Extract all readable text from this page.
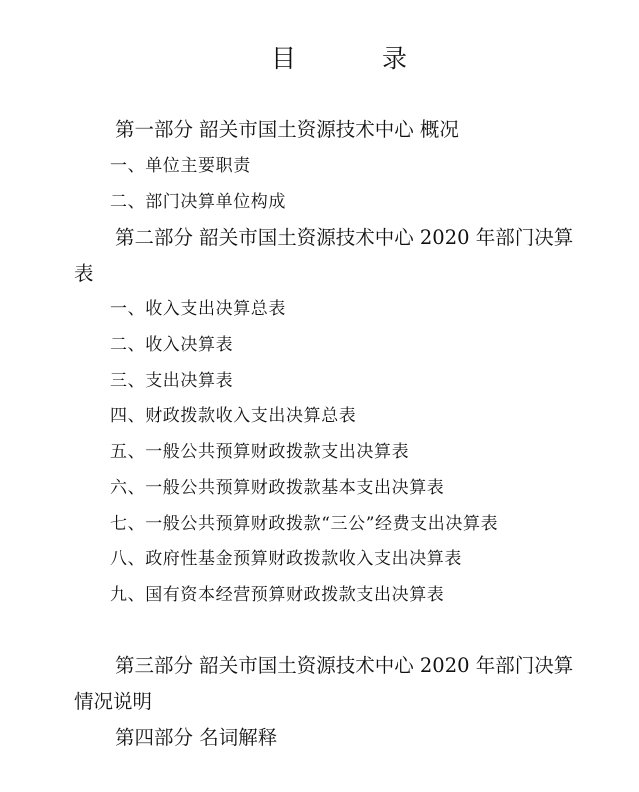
目	录

第一部分 韶关市国土资源技术中心 概况

一、单位主要职责

二、部门决算单位构成

第二部分 韶关市国土资源技术中心 2020 年部门决算表

一、收入支出决算总表

二、收入决算表

三、支出决算表

四、财政拨款收入支出决算总表

五、一般公共预算财政拨款支出决算表

六、一般公共预算财政拨款基本支出决算表

七、一般公共预算财政拨款“三公”经费支出决算表

八、政府性基金预算财政拨款收入支出决算表

九、国有资本经营预算财政拨款支出决算表

第三部分 韶关市国土资源技术中心 2020 年部门决算情况说明

第四部分 名词解释
